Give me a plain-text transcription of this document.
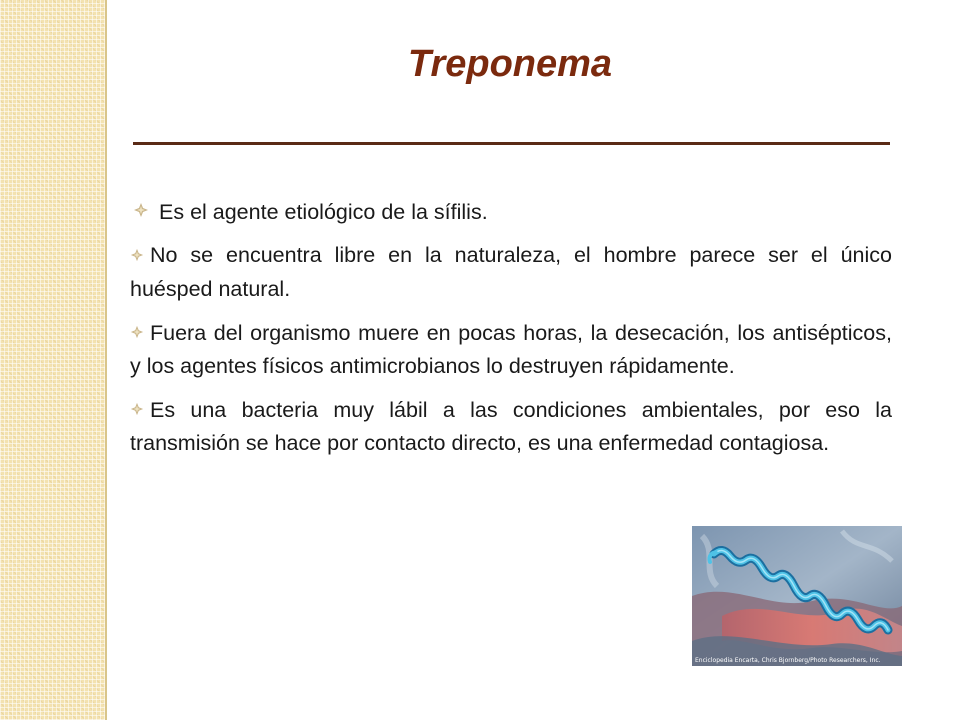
Treponema

Es el agente etiológico de la sífilis.

No se encuentra libre en la naturaleza, el hombre parece ser el único huésped natural.

Fuera del organismo muere en pocas horas, la desecación, los antisépticos, y los agentes físicos antimicrobianos lo destruyen rápidamente.

Es una bacteria muy lábil a las condiciones ambientales, por eso la transmisión se hace por contacto directo, es una enfermedad contagiosa.

Enciclopedia Encarta, Chris Bjornberg/Photo Researchers, Inc.
